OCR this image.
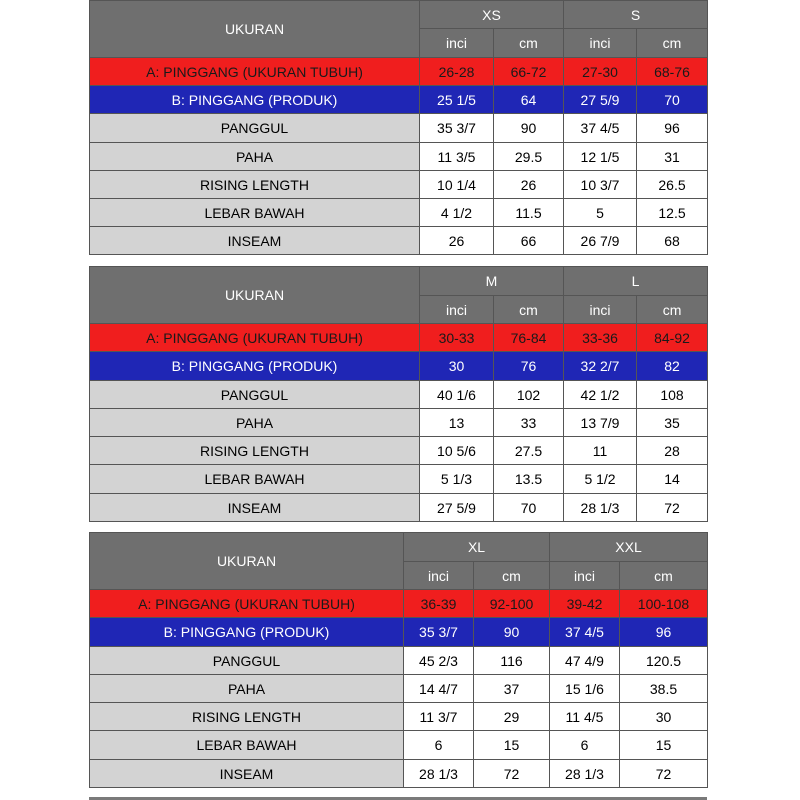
UKURAN	XS		S	
	inci	cm	inci	cm
A: PINGGANG (UKURAN TUBUH)	26-28	66-72	27-30	68-76
B: PINGGANG (PRODUK)	25 1/5	64	27 5/9	70
PANGGUL	35 3/7	90	37 4/5	96
PAHA	11 3/5	29.5	12 1/5	31
RISING LENGTH	10 1/4	26	10 3/7	26.5
LEBAR BAWAH	4 1/2	11.5	5	12.5
INSEAM	26	66	26 7/9	68
UKURAN	M		L	
	inci	cm	inci	cm
A: PINGGANG (UKURAN TUBUH)	30-33	76-84	33-36	84-92
B: PINGGANG (PRODUK)	30	76	32 2/7	82
PANGGUL	40 1/6	102	42 1/2	108
PAHA	13	33	13 7/9	35
RISING LENGTH	10 5/6	27.5	11	28
LEBAR BAWAH	5 1/3	13.5	5 1/2	14
INSEAM	27 5/9	70	28 1/3	72
UKURAN	XL		XXL	
	inci	cm	inci	cm
A: PINGGANG (UKURAN TUBUH)	36-39	92-100	39-42	100-108
B: PINGGANG (PRODUK)	35 3/7	90	37 4/5	96
PANGGUL	45 2/3	116	47 4/9	120.5
PAHA	14 4/7	37	15 1/6	38.5
RISING LENGTH	11 3/7	29	11 4/5	30
LEBAR BAWAH	6	15	6	15
INSEAM	28 1/3	72	28 1/3	72
